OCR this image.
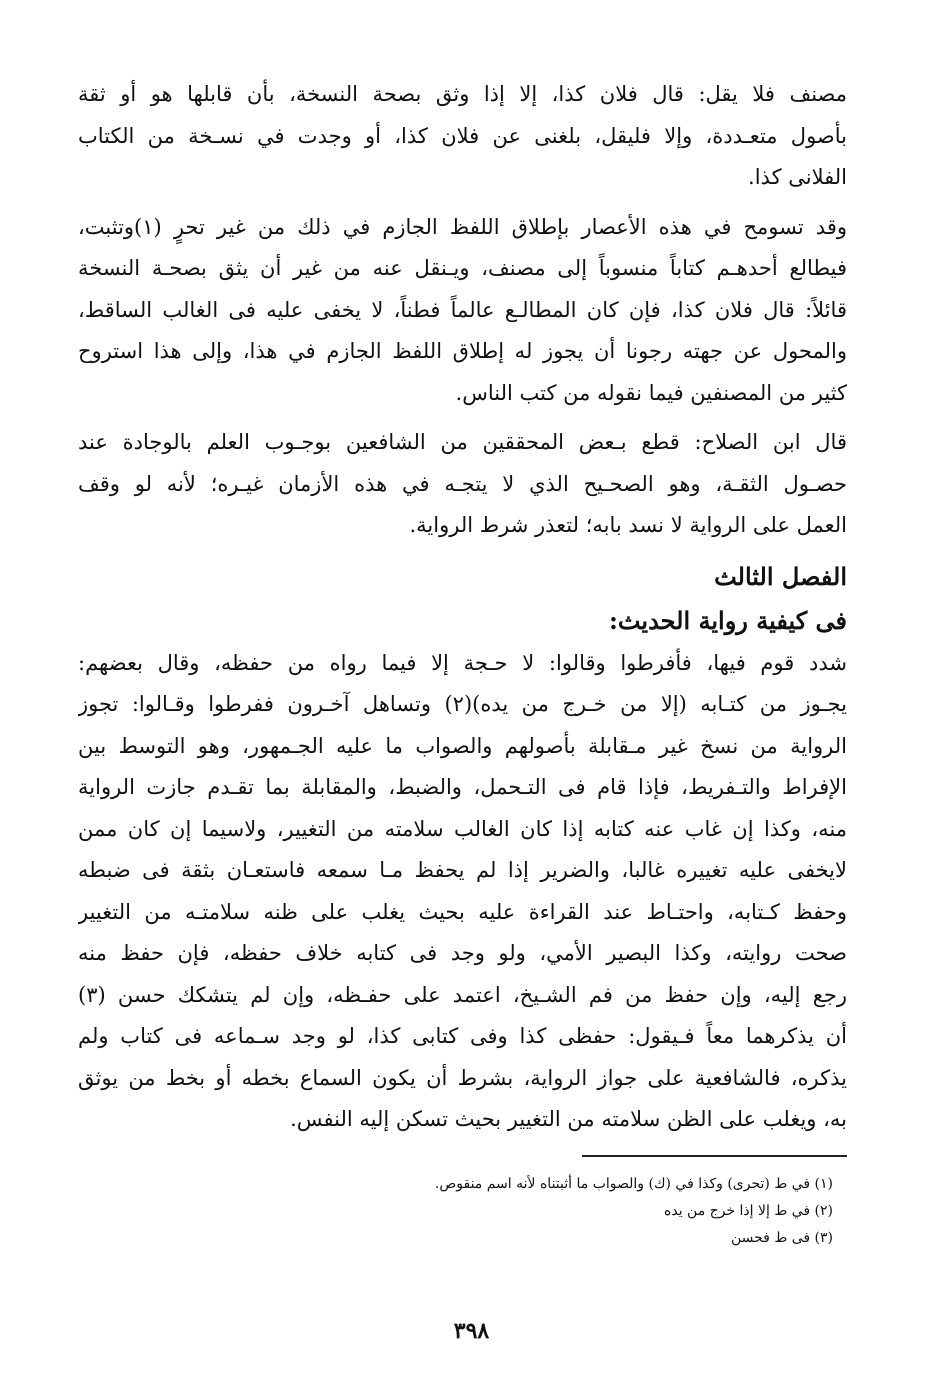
مصنف فلا يقل: قال فلان كذا، إلا إذا وثق بصحة النسخة، بأن قابلها هو أو ثقة
بأصول متعـددة، وإلا فليقل، بلغنى عن فلان كذا، أو وجدت في نسـخة من الكتاب
الفلانى كذا.
وقد تسومح في هذه الأعصار بإطلاق اللفظ الجازم في ذلك من غير تحرٍ (١)وتثبت،
فيطالع أحدهـم كتاباً منسوباً إلى مصنف، ويـنقل عنه من غير أن يثق بصحـة النسخة
قائلاً: قال فلان كذا، فإن كان المطالـع عالماً فطناً، لا يخفى عليه فى الغالب الساقط،
والمحول عن جهته رجونا أن يجوز له إطلاق اللفظ الجازم في هذا، وإلى هذا استروح
كثير من المصنفين فيما نقوله من كتب الناس.
قال ابن الصلاح: قطع بـعض المحققين من الشافعين بوجـوب العلم بالوجادة عند
حصـول الثقـة، وهو الصحـيح الذي لا يتجـه في هذه الأزمان غيـره؛ لأنه لو وقف
العمل على الرواية لا نسد بابه؛ لتعذر شرط الرواية.
الفصل الثالث
فى كيفية رواية الحديث:
شدد قوم فيها، فأفرطوا وقالوا: لا حـجة إلا فيما رواه من حفظه، وقال بعضهم:
يجـوز من كتـابه (إلا من خـرج من يده)(٢) وتساهل آخـرون ففرطوا وقـالوا: تجوز
الرواية من نسخ غير مـقابلة بأصولهم والصواب ما عليه الجـمهور، وهو التوسط بين
الإفراط والتـفريط، فإذا قام فى التـحمل، والضبط، والمقابلة بما تقـدم جازت الرواية
منه، وكذا إن غاب عنه كتابه إذا كان الغالب سلامته من التغيير، ولاسيما إن كان ممن
لايخفى عليه تغييره غالبا، والضرير إذا لم يحفظ مـا سمعه فاستعـان بثقة فى ضبطه
وحفظ كـتابه، واحتـاط عند القراءة عليه بحيث يغلب على ظنه سلامتـه من التغيير
صحت روايته، وكذا البصير الأمي، ولو وجد فى كتابه خلاف حفظه، فإن حفظ منه
رجع إليه، وإن حفظ من فم الشـيخ، اعتمد على حفـظه، وإن لم يتشكك حسن (٣)
أن يذكرهما معاً فـيقول: حفظى كذا وفى كتابى كذا، لو وجد سـماعه فى كتاب ولم
يذكره، فالشافعية على جواز الرواية، بشرط أن يكون السماع بخطه أو بخط من يوثق
به، ويغلب على الظن سلامته من التغيير بحيث تسكن إليه النفس.

(١) في ط (تحرى) وكذا في (ك) والصواب ما أثبتناه لأنه اسم منقوص.

(٢) في ط إلا إذا خرج من يده

(٣) فى ط فحسن

٣٩٨
